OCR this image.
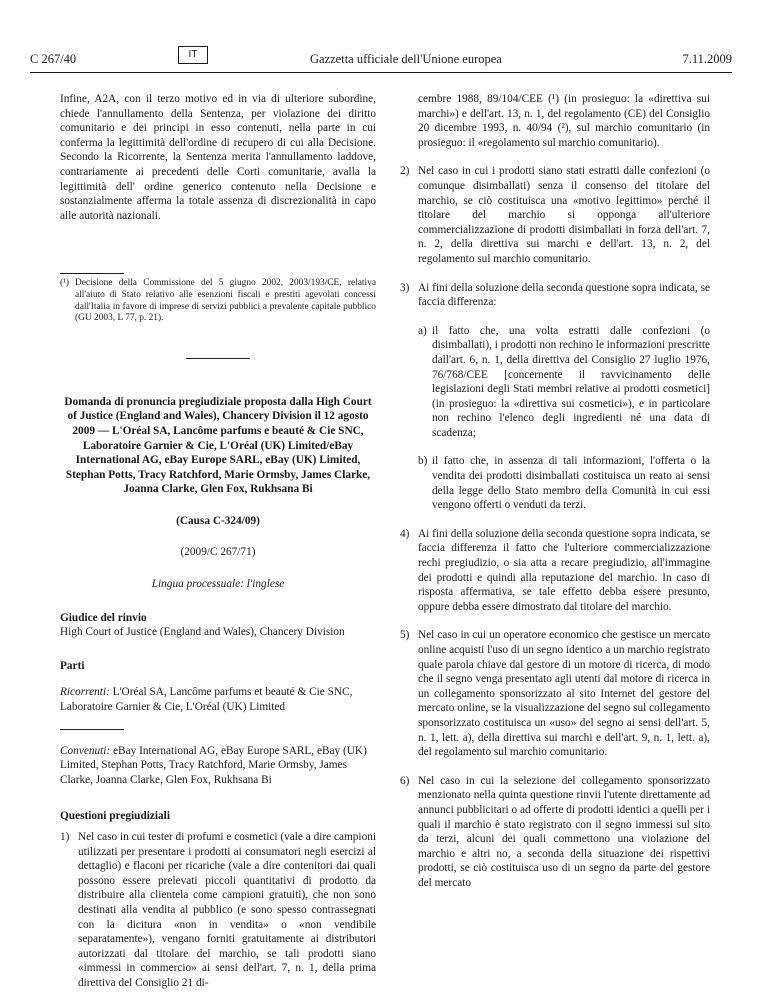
C 267/40	IT	Gazzetta ufficiale dell'Unione europea	7.11.2009

Infine, A2A, con il terzo motivo ed in via di ulteriore subordine, chiede l'annullamento della Sentenza, per violazione dei diritto comunitario e dei principi in esso contenuti, nella parte in cui conferma la legittimità dell'ordine di recupero di cui alla Decisione. Secondo la Ricorrente, la Sentenza merita l'annullamento laddove, contrariamente ai precedenti delle Corti comunitarie, avalla la legittimità dell' ordine generico contenuto nella Decisione e sostanzialmente afferma la totale assenza di discrezionalità in capo alle autorità nazionali.

(¹) Decisione della Commissione del 5 giugno 2002, 2003/193/CE, relativa all'aiuto di Stato relativo alle esenzioni fiscali e prestiti agevolati concessi dall'Italia in favore di imprese di servizi pubblici a prevalente capitale pubblico (GU 2003, L 77, p. 21).

Domanda di pronuncia pregiudiziale proposta dalla High Court of Justice (England and Wales), Chancery Division il 12 agosto 2009 — L'Oréal SA, Lancôme parfums e beauté & Cie SNC, Laboratoire Garnier & Cie, L'Oréal (UK) Limited/eBay International AG, eBay Europe SARL, eBay (UK) Limited, Stephan Potts, Tracy Ratchford, Marie Ormsby, James Clarke, Joanna Clarke, Glen Fox, Rukhsana Bi

(Causa C-324/09)

(2009/C 267/71)

Lingua processuale: l'inglese

Giudice del rinvio

High Court of Justice (England and Wales), Chancery Division

Parti

Ricorrenti: L'Oréal SA, Lancôme parfums et beauté & Cie SNC, Laboratoire Garnier & Cie, L'Oréal (UK) Limited

Convenuti: eBay International AG, eBay Europe SARL, eBay (UK) Limited, Stephan Potts, Tracy Ratchford, Marie Ormsby, James Clarke, Joanna Clarke, Glen Fox, Rukhsana Bi

Questioni pregiudiziali

1) Nel caso in cui tester di profumi e cosmetici (vale a dire campioni utilizzati per presentare i prodotti ai consumatori negli esercizi al dettaglio) e flaconi per ricariche (vale a dire contenitori dai quali possono essere prelevati piccoli quantitativi di prodotto da distribuire alla clientela come campioni gratuiti), che non sono destinati alla vendita al pubblico (e sono spesso contrassegnati con la dicitura «non in vendita» o «non vendibile separatamente»), vengano forniti gratuitamente ai distributori autorizzati dal titolare del marchio, se tali prodotti siano «immessi in commercio» ai sensi dell'art. 7, n. 1, della prima direttiva del Consiglio 21 di-
cembre 1988, 89/104/CEE (¹) (in prosieguo: la «direttiva sui marchi») e dell'art. 13, n. 1, del regolamento (CE) del Consiglio 20 dicembre 1993, n. 40/94 (²), sul marchio comunitario (in prosieguo: il «regolamento sul marchio comunitario).
2) Nel caso in cui i prodotti siano stati estratti dalle confezioni (o comunque disimballati) senza il consenso del titolare del marchio, se ciò costituisca una «motivo legittimo» perché il titolare del marchio si opponga all'ulteriore commercializzazione di prodotti disimballati in forza dell'art. 7, n. 2, della direttiva sui marchi e dell'art. 13, n. 2, del regolamento sul marchio comunitario.
3) Ai fini della soluzione della seconda questione sopra indicata, se faccia differenza:
a) il fatto che, una volta estratti dalle confezioni (o disimballati), i prodotti non rechino le informazioni prescritte dall'art. 6, n. 1, della direttiva del Consiglio 27 luglio 1976, 76/768/CEE [concernente il ravvicinamento delle legislazioni degli Stati membri relative ai prodotti cosmetici] (in prosieguo: la «direttiva sui cosmetici»), e in particolare non rechino l'elenco degli ingredienti né una data di scadenza;
b) il fatto che, in assenza di tali informazioni, l'offerta o la vendita dei prodotti disimballati costituisca un reato ai sensi della legge dello Stato membro della Comunità in cui essi vengono offerti o venduti da terzi.
4) Ai fini della soluzione della seconda questione sopra indicata, se faccia differenza il fatto che l'ulteriore commercializzazione rechi pregiudizio, o sia atta a recare pregiudizio, all'immagine dei prodotti e quindi alla reputazione del marchio. In caso di risposta affermativa, se tale effetto debba essere presunto, oppure debba essere dimostrato dal titolare del marchio.
5) Nel caso in cui un operatore economico che gestisce un mercato online acquisti l'uso di un segno identico a un marchio registrato quale parola chiave dal gestore di un motore di ricerca, di modo che il segno venga presentato agli utenti dal motore di ricerca in un collegamento sponsorizzato al sito Internet del gestore del mercato online, se la visualizzazione del segno sul collegamento sponsorizzato costituisca un «uso» del segno ai sensi dell'art. 5, n. 1, lett. a), della direttiva sui marchi e dell'art. 9, n. 1, lett. a), del regolamento sul marchio comunitario.
6) Nel caso in cui la selezione del collegamento sponsorizzato menzionato nella quinta questione rinvii l'utente direttamente ad annunci pubblicitari o ad offerte di prodotti identici a quelli per i quali il marchio è stato registrato con il segno immessi sul sito da terzi, alcuni dei quali commettono una violazione del marchio e altri no, a seconda della situazione dei rispettivi prodotti, se ciò costituisca uso di un segno da parte del gestore del mercato
